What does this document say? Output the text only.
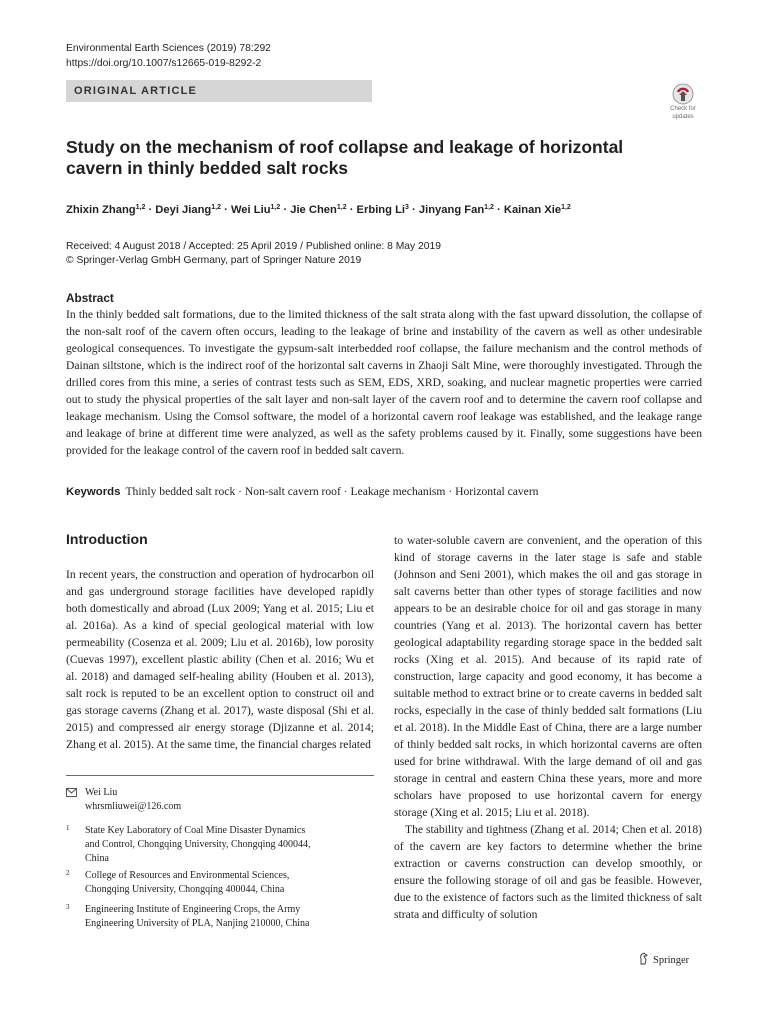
Environmental Earth Sciences (2019) 78:292
https://doi.org/10.1007/s12665-019-8292-2
ORIGINAL ARTICLE
Check for
updates
Study on the mechanism of roof collapse and leakage of horizontal cavern in thinly bedded salt rocks
Zhixin Zhang$^{1,2}$ · Deyi Jiang$^{1,2}$ · Wei Liu$^{1,2}$ · Jie Chen$^{1,2}$ · Erbing $Li^3$ · Jinyang Fan$^{1,2}$ · Kainan Xie$^{1,2}$
Received: 4 August 2018 / Accepted: 25 April 2019 / Published online: 8 May 2019
© Springer-Verlag GmbH Germany, part of Springer Nature 2019
Abstract

In the thinly bedded salt formations, due to the limited thickness of the salt strata along with the fast upward dissolution, the collapse of the non-salt roof of the cavern often occurs, leading to the leakage of brine and instability of the cavern as well as other undesirable geological consequences. To investigate the gypsum-salt interbedded roof collapse, the failure mechanism and the control methods of Dainan siltstone, which is the indirect roof of the horizontal salt caverns in Zhaoji Salt Mine, were thoroughly investigated. Through the drilled cores from this mine, a series of contrast tests such as SEM, EDS, XRD, soaking, and nuclear magnetic properties were carried out to study the physical properties of the salt layer and non-salt layer of the cavern roof and to determine the cavern roof collapse and leakage mechanism. Using the Comsol software, the model of a horizontal cavern roof leakage was established, and the leakage range and leakage of brine at different time were analyzed, as well as the safety problems caused by it. Finally, some suggestions have been provided for the leakage control of the cavern roof in bedded salt cavern.

Keywords Thinly bedded salt rock · Non-salt cavern roof · Leakage mechanism · Horizontal cavern
Introduction

In recent years, the construction and operation of hydrocarbon oil and gas underground storage facilities have developed rapidly both domestically and abroad (Lux 2009; Yang et al. 2015; Liu et al. 2016a). As a kind of special geological material with low permeability (Cosenza et al. 2009; Liu et al. 2016b), low porosity (Cuevas 1997), excellent plastic ability (Chen et al. 2016; Wu et al. 2018) and damaged self-healing ability (Houben et al. 2013), salt rock is reputed to be an excellent option to construct oil and gas storage caverns (Zhang et al. 2017), waste disposal (Shi et al. 2015) and compressed air energy storage (Djizanne et al. 2014; Zhang et al. 2015). At the same time, the financial charges related

to water-soluble cavern are convenient, and the operation of this kind of storage caverns in the later stage is safe and stable (Johnson and Seni 2001), which makes the oil and gas storage in salt caverns better than other types of storage facilities and now appears to be an desirable choice for oil and gas storage in many countries (Yang et al. 2013). The horizontal cavern has better geological adaptability regarding storage space in the bedded salt rocks (Xing et al. 2015). And because of its rapid rate of construction, large capacity and good economy, it has become a suitable method to extract brine or to create caverns in bedded salt rocks, especially in the case of thinly bedded salt formations (Liu et al. 2018). In the Middle East of China, there are a large number of thinly bedded salt rocks, in which horizontal caverns are often used for brine withdrawal. With the large demand of oil and gas storage in central and eastern China these years, more and more scholars have proposed to use horizontal cavern for energy storage (Xing et al. 2015; Liu et al. 2018).

The stability and tightness (Zhang et al. 2014; Chen et al. 2018) of the cavern are key factors to determine whether the brine extraction or caverns construction can develop smoothly, or ensure the following storage of oil and gas be feasible. However, due to the existence of factors such as the limited thickness of salt strata and difficulty of solution

Wei Liu
whrsmliuwei@126.com
1 State Key Laboratory of Coal Mine Disaster Dynamics
and Control, Chongqing University, Chongqing 400044,
China
2 College of Resources and Environmental Sciences,
Chongqing University, Chongqing 400044, China
3 Engineering Institute of Engineering Crops, the Army
Engineering University of PLA, Nanjing 210000, China
Springer
